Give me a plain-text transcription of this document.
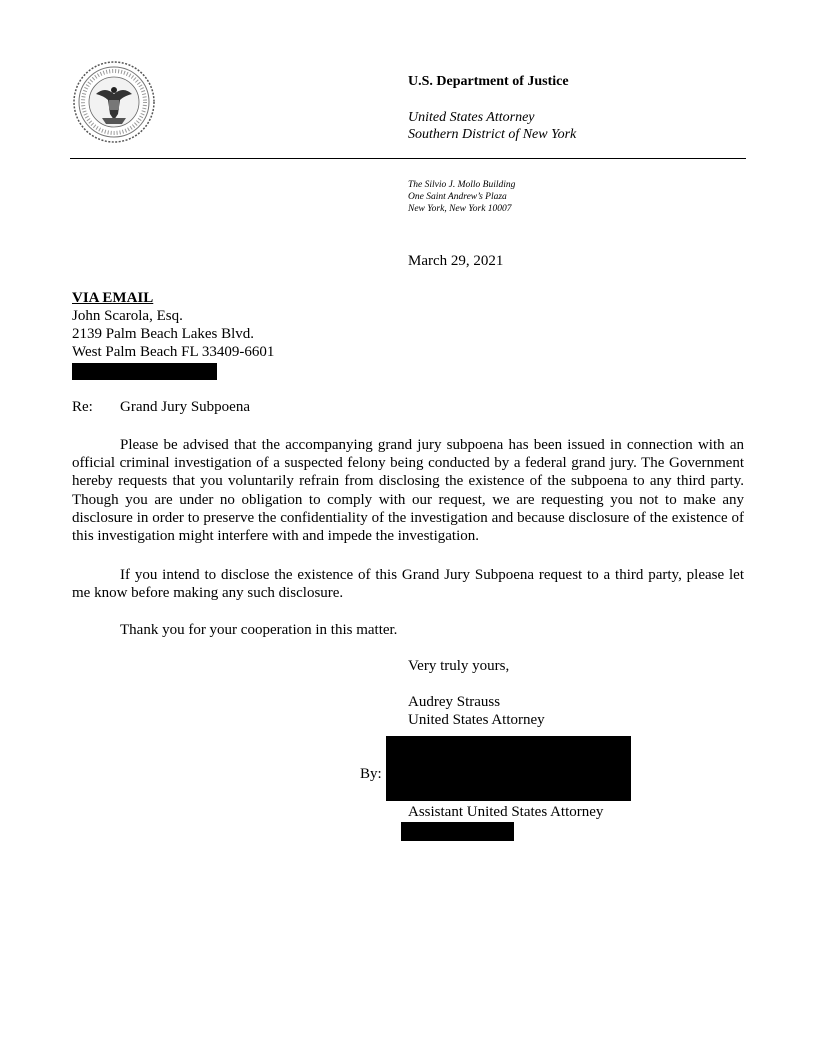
U.S. Department of Justice
United States Attorney
Southern District of New York
The Silvio J. Mollo Building
One Saint Andrew’s Plaza
New York, New York 10007
March 29, 2021
VIA EMAIL
John Scarola, Esq.
2139 Palm Beach Lakes Blvd.
West Palm Beach FL 33409-6601
Re: Grand Jury Subpoena
Please be advised that the accompanying grand jury subpoena has been issued in connection with an official criminal investigation of a suspected felony being conducted by a federal grand jury. The Government hereby requests that you voluntarily refrain from disclosing the existence of the subpoena to any third party. Though you are under no obligation to comply with our request, we are requesting you not to make any disclosure in order to preserve the confidentiality of the investigation and because disclosure of the existence of this investigation might interfere with and impede the investigation.
If you intend to disclose the existence of this Grand Jury Subpoena request to a third party, please let me know before making any such disclosure.
Thank you for your cooperation in this matter.
Very truly yours,
Audrey Strauss
United States Attorney
By:
Assistant United States Attorney
